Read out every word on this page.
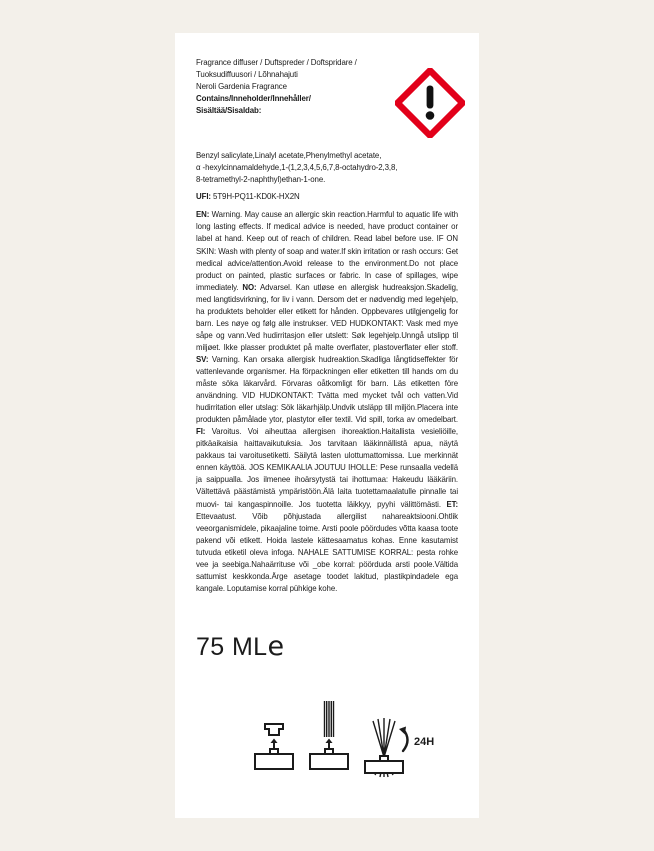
Fragrance diffuser / Duftspreder / Doftspridare /
Tuoksudiffuusori / Lõhnahajuti
Neroli Gardenia Fragrance
Contains/Inneholder/Innehåller/
Sisältää/Sisaldab:
Benzyl salicylate,Linalyl acetate,Phenylmethyl acetate,
α -hexylcinnamaldehyde,1-(1,2,3,4,5,6,7,8-octahydro-2,3,8,
8-tetramethyl-2-naphthyl)ethan-1-one.
UFI: 5T9H-PQ11-KD0K-HX2N
EN: Warning. May cause an allergic skin reaction.Harmful to aquatic life with long lasting effects. If medical advice is needed, have product container or label at hand. Keep out of reach of children. Read label before use. IF ON SKIN: Wash with plenty of soap and water.If skin irritation or rash occurs: Get medical advice/attention.Avoid release to the environment.Do not place product on painted, plastic surfaces or fabric. In case of spillages, wipe immediately. NO: Advarsel. Kan utløse en allergisk hudreaksjon.Skadelig, med langtidsvirkning, for liv i vann. Dersom det er nødvendig med legehjelp, ha produktets beholder eller etikett for hånden. Oppbevares utilgjengelig for barn. Les nøye og følg alle instrukser. VED HUDKONTAKT: Vask med mye såpe og vann.Ved hudirritasjon eller utslett: Søk legehjelp.Unngå utslipp til miljøet. Ikke plasser produktet på malte overflater, plastoverflater eller stoff. SV: Varning. Kan orsaka allergisk hudreaktion.Skadliga långtidseffekter för vattenlevande organismer. Ha förpackningen eller etiketten till hands om du måste söka läkarvård. Förvaras oåtkomligt för barn. Läs etiketten före användning. VID HUDKONTAKT: Tvätta med mycket tvål och vatten.Vid hudirritation eller utslag: Sök läkarhjälp.Undvik utsläpp till miljön.Placera inte produkten påmålade ytor, plastytor eller textil. Vid spill, torka av omedelbart. FI: Varoitus. Voi aiheuttaa allergisen ihoreaktion.Haitallista vesieliöille, pitkäaikaisia haittavaikutuksia. Jos tarvitaan lääkinnällistä apua, näytä pakkaus tai varoitusetiketti. Säilytä lasten ulottumattomissa. Lue merkinnät ennen käyttöä. JOS KEMIKAALIA JOUTUU IHOLLE: Pese runsaalla vedellä ja saippualla. Jos ilmenee ihoärsytystä tai ihottumaa: Hakeudu lääkäriin. Vältettävä päästämistä ympäristöön.Älä laita tuotettamaalatulle pinnalle tai muovi- tai kangaspinnoille. Jos tuotetta läikkyy, pyyhi välittömästi. ET: Ettevaatust. Võib põhjustada allergilist nahareaktsiooni.Ohtlik veeorganismidele, pikaajaline toime. Arsti poole pöördudes võtta kaasa toote pakend või etikett. Hoida lastele kättesaamatus kohas. Enne kasutamist tutvuda etiketil oleva infoga. NAHALE SATTUMISE KORRAL: pesta rohke vee ja seebiga.Nahaärrituse või _obe korral: pöörduda arsti poole.Vältida sattumist keskkonda.Ärge asetage toodet lakitud, plastikpindadele ega kangale. Loputamise korral pühkige kohe.
75 MLe
24H
